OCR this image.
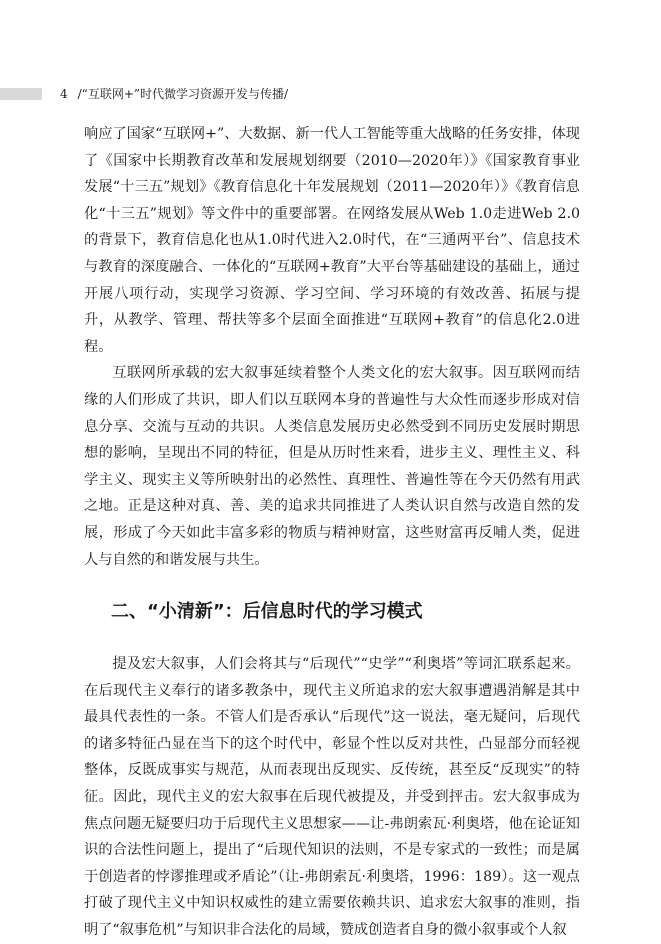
4 /“互联网+”时代微学习资源开发与传播/

响应了国家“互联网+”、大数据、新一代人工智能等重大战略的任务安排，体现了《国家中长期教育改革和发展规划纲要（2010—2020年）》《国家教育事业发展“十三五”规划》《教育信息化十年发展规划（2011—2020年）》《教育信息化“十三五”规划》等文件中的重要部署。在网络发展从Web 1.0走进Web 2.0的背景下，教育信息化也从1.0时代进入2.0时代，在“三通两平台”、信息技术与教育的深度融合、一体化的“互联网+教育”大平台等基础建设的基础上，通过开展八项行动，实现学习资源、学习空间、学习环境的有效改善、拓展与提升，从教学、管理、帮扶等多个层面全面推进“互联网+教育”的信息化2.0进程。

互联网所承载的宏大叙事延续着整个人类文化的宏大叙事。因互联网而结缘的人们形成了共识，即人们以互联网本身的普遍性与大众性而逐步形成对信息分享、交流与互动的共识。人类信息发展历史必然受到不同历史发展时期思想的影响，呈现出不同的特征，但是从历时性来看，进步主义、理性主义、科学主义、现实主义等所映射出的必然性、真理性、普遍性等在今天仍然有用武之地。正是这种对真、善、美的追求共同推进了人类认识自然与改造自然的发展，形成了今天如此丰富多彩的物质与精神财富，这些财富再反哺人类，促进人与自然的和谐发展与共生。

二、“小清新”：后信息时代的学习模式

提及宏大叙事，人们会将其与“后现代”“史学”“利奥塔”等词汇联系起来。在后现代主义奉行的诸多教条中，现代主义所追求的宏大叙事遭遇消解是其中最具代表性的一条。不管人们是否承认“后现代”这一说法，毫无疑问，后现代的诸多特征凸显在当下的这个时代中，彰显个性以反对共性，凸显部分而轻视整体，反既成事实与规范，从而表现出反现实、反传统，甚至反“反现实”的特征。因此，现代主义的宏大叙事在后现代被提及，并受到抨击。宏大叙事成为焦点问题无疑要归功于后现代主义思想家——让-弗朗索瓦·利奥塔，他在论证知识的合法性问题上，提出了“后现代知识的法则，不是专家式的一致性；而是属于创造者的悖谬推理或矛盾论”（让-弗朗索瓦·利奥塔，1996：189）。这一观点打破了现代主义中知识权威性的建立需要依赖共识、追求宏大叙事的准则，指明了“叙事危机”与知识非合法化的局域，赞成创造者自身的微小叙事或个人叙
